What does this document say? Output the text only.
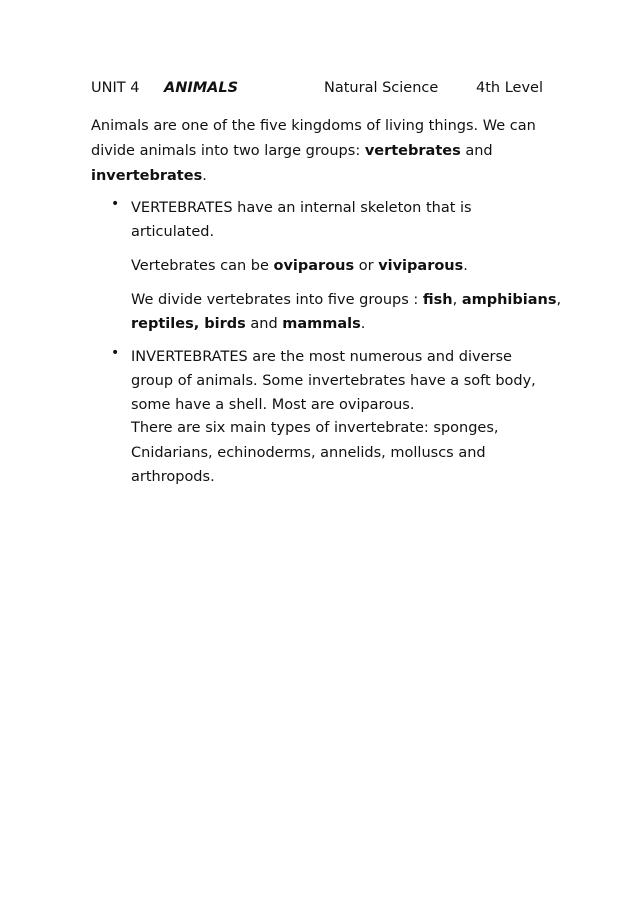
UNIT 4 ANIMALS	Natural Science	4th Level
Animals are one of the five kingdoms of living things. We can divide animals into two large groups: vertebrates and invertebrates.
• VERTEBRATES have an internal skeleton that is articulated.
Vertebrates can be oviparous or viviparous.
We divide vertebrates into five groups : fish, amphibians, reptiles, birds and mammals.
• INVERTEBRATES are the most numerous and diverse group of animals. Some invertebrates have a soft body, some have a shell. Most are oviparous.
There are six main types of invertebrate: sponges,
Cnidarians, echinoderms, annelids, molluscs and arthropods.
